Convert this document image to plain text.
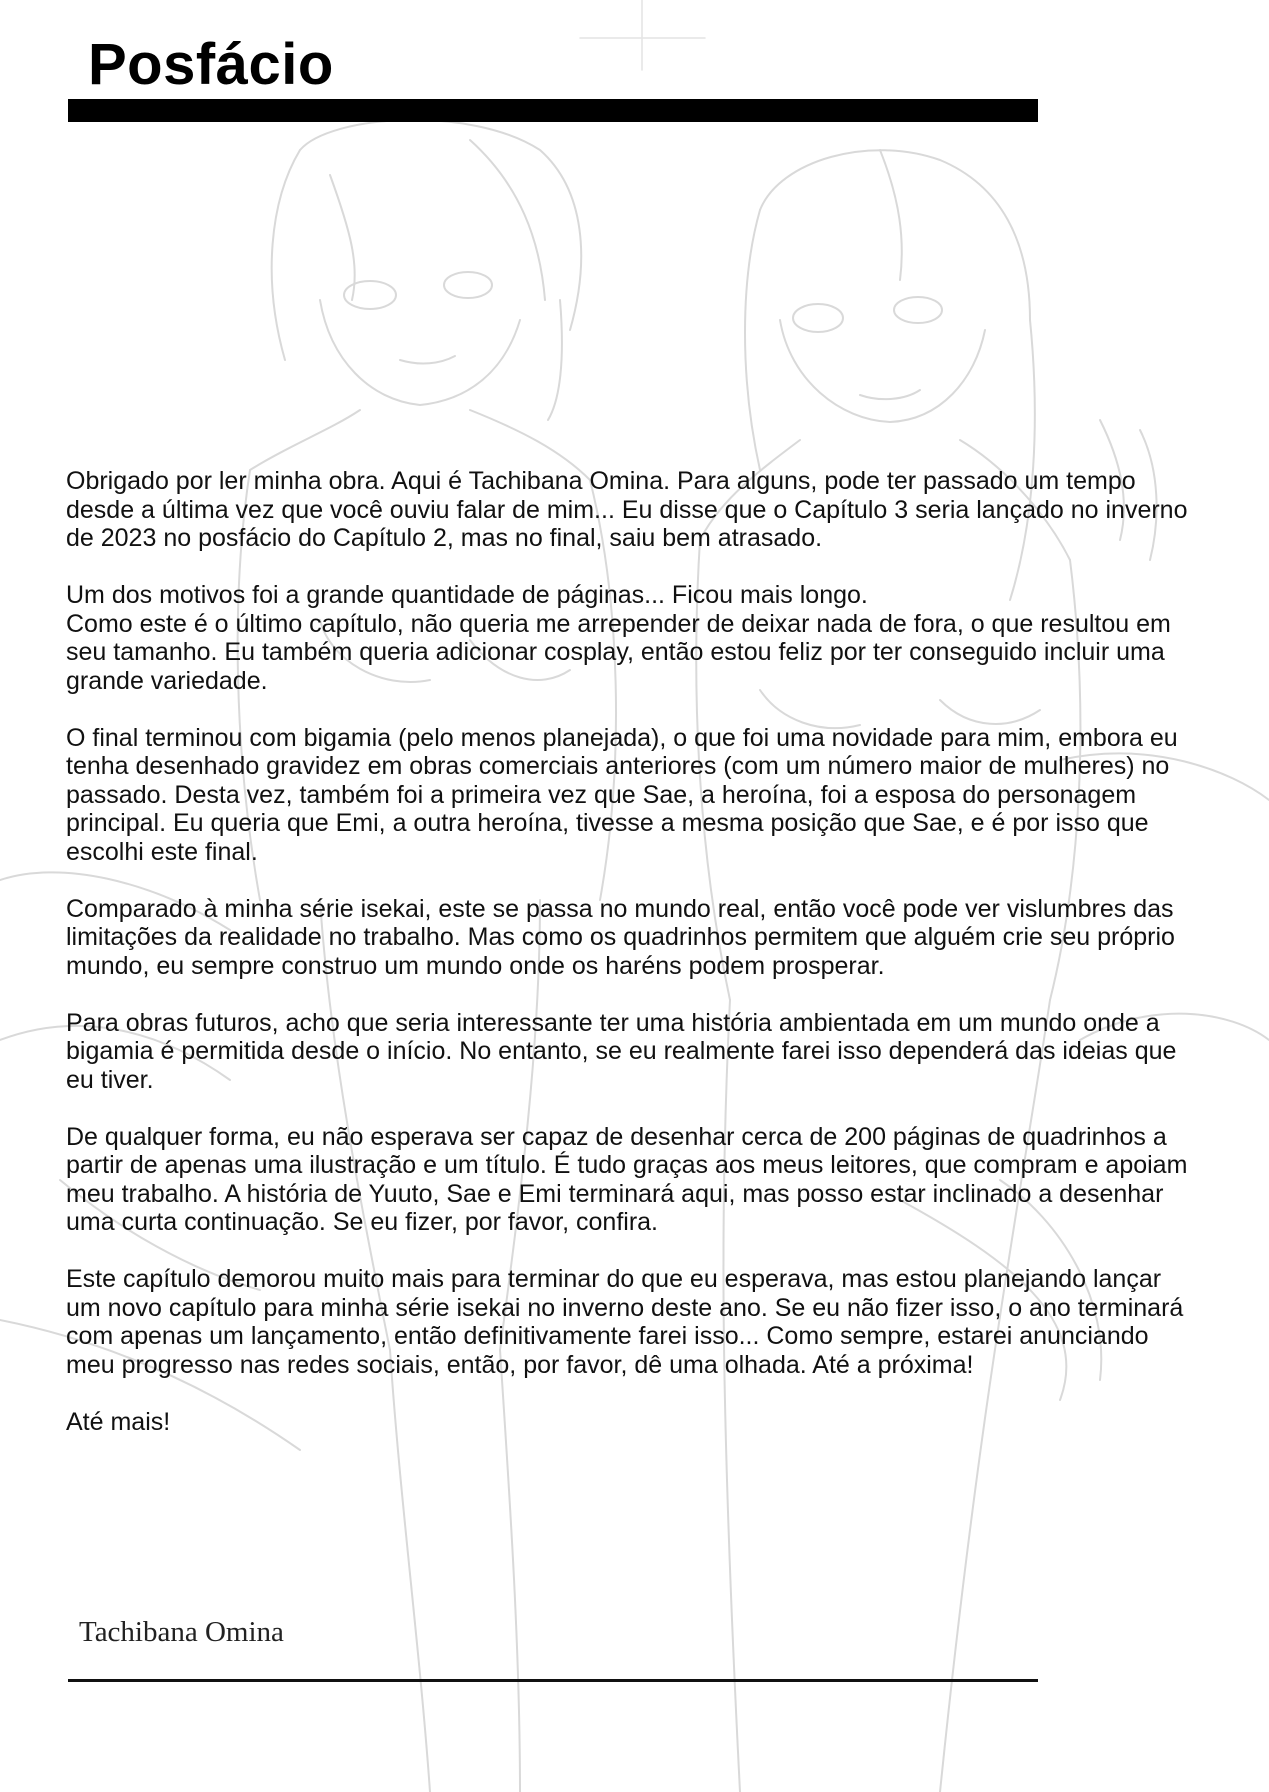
Posfácio

Obrigado por ler minha obra. Aqui é Tachibana Omina. Para alguns, pode ter passado um tempo desde a última vez que você ouviu falar de mim... Eu disse que o Capítulo 3 seria lançado no inverno de 2023 no posfácio do Capítulo 2, mas no final, saiu bem atrasado.

Um dos motivos foi a grande quantidade de páginas... Ficou mais longo.
Como este é o último capítulo, não queria me arrepender de deixar nada de fora, o que resultou em seu tamanho. Eu também queria adicionar cosplay, então estou feliz por ter conseguido incluir uma grande variedade.

O final terminou com bigamia (pelo menos planejada), o que foi uma novidade para mim, embora eu tenha desenhado gravidez em obras comerciais anteriores (com um número maior de mulheres) no passado. Desta vez, também foi a primeira vez que Sae, a heroína, foi a esposa do personagem principal. Eu queria que Emi, a outra heroína, tivesse a mesma posição que Sae, e é por isso que escolhi este final.

Comparado à minha série isekai, este se passa no mundo real, então você pode ver vislumbres das limitações da realidade no trabalho. Mas como os quadrinhos permitem que alguém crie seu próprio mundo, eu sempre construo um mundo onde os haréns podem prosperar.

Para obras futuros, acho que seria interessante ter uma história ambientada em um mundo onde a bigamia é permitida desde o início. No entanto, se eu realmente farei isso dependerá das ideias que eu tiver.

De qualquer forma, eu não esperava ser capaz de desenhar cerca de 200 páginas de quadrinhos a partir de apenas uma ilustração e um título. É tudo graças aos meus leitores, que compram e apoiam meu trabalho. A história de Yuuto, Sae e Emi terminará aqui, mas posso estar inclinado a desenhar uma curta continuação. Se eu fizer, por favor, confira.

Este capítulo demorou muito mais para terminar do que eu esperava, mas estou planejando lançar um novo capítulo para minha série isekai no inverno deste ano. Se eu não fizer isso, o ano terminará com apenas um lançamento, então definitivamente farei isso... Como sempre, estarei anunciando meu progresso nas redes sociais, então, por favor, dê uma olhada. Até a próxima!

Até mais!

Tachibana Omina
